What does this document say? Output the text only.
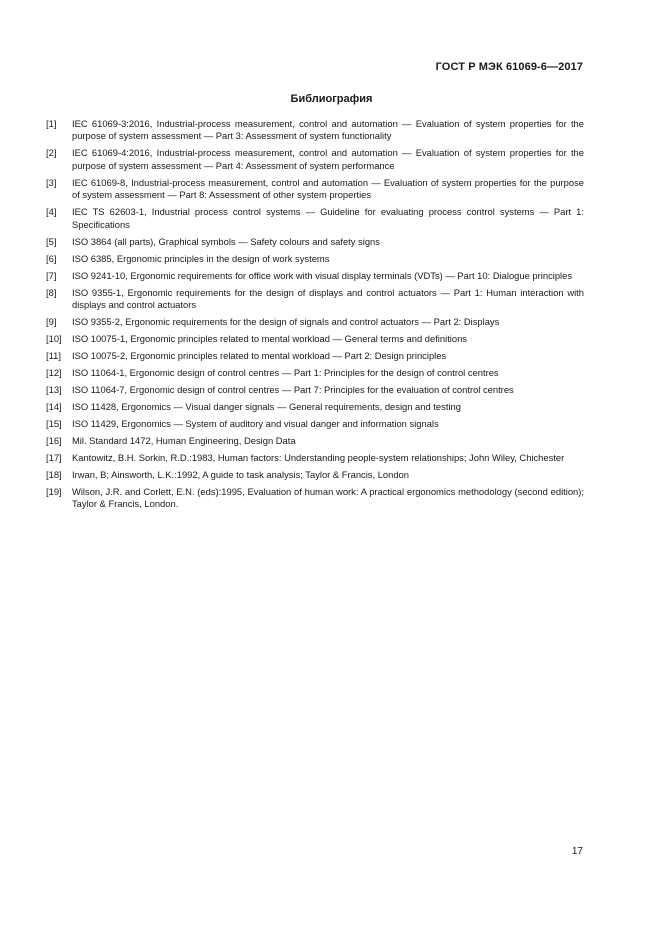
ГОСТ Р МЭК 61069-6—2017
Библиография
[1]	IEC 61069-3:2016, Industrial-process measurement, control and automation — Evaluation of system properties for the purpose of system assessment — Part 3: Assessment of system functionality
[2]	IEC 61069-4:2016, Industrial-process measurement, control and automation — Evaluation of system properties for the purpose of system assessment — Part 4: Assessment of system performance
[3]	IEC 61069-8, Industrial-process measurement, control and automation — Evaluation of system properties for the purpose of system assessment — Part 8: Assessment of other system properties
[4]	IEC TS 62603-1, Industrial process control systems — Guideline for evaluating process control systems — Part 1: Specifications
[5]	ISO 3864 (all parts), Graphical symbols — Safety colours and safety signs
[6]	ISO 6385, Ergonomic principles in the design of work systems
[7]	ISO 9241-10, Ergonomic requirements for office work with visual display terminals (VDTs) — Part 10: Dialogue principles
[8]	ISO 9355-1, Ergonomic requirements for the design of displays and control actuators — Part 1: Human interaction with displays and control actuators
[9]	ISO 9355-2, Ergonomic requirements for the design of signals and control actuators — Part 2: Displays
[10]	ISO 10075-1, Ergonomic principles related to mental workload — General terms and definitions
[11]	ISO 10075-2, Ergonomic principles related to mental workload — Part 2: Design principles
[12]	ISO 11064-1, Ergonomic design of control centres — Part 1: Principles for the design of control centres
[13]	ISO 11064-7, Ergonomic design of control centres — Part 7: Principles for the evaluation of control centres
[14]	ISO 11428, Ergonomics — Visual danger signals — General requirements, design and testing
[15]	ISO 11429, Ergonomics — System of auditory and visual danger and information signals
[16]	Mil. Standard 1472, Human Engineering, Design Data
[17]	Kantowitz, B.H. Sorkin, R.D.:1983, Human factors: Understanding people-system relationships; John Wiley, Chichester
[18]	Irwan, B; Ainsworth, L.K.:1992, A guide to task analysis; Taylor & Francis, London
[19]	Wilson, J.R. and Corlett, E.N. (eds):1995, Evaluation of human work: A practical ergonomics methodology (second edition); Taylor & Francis, London.
17
